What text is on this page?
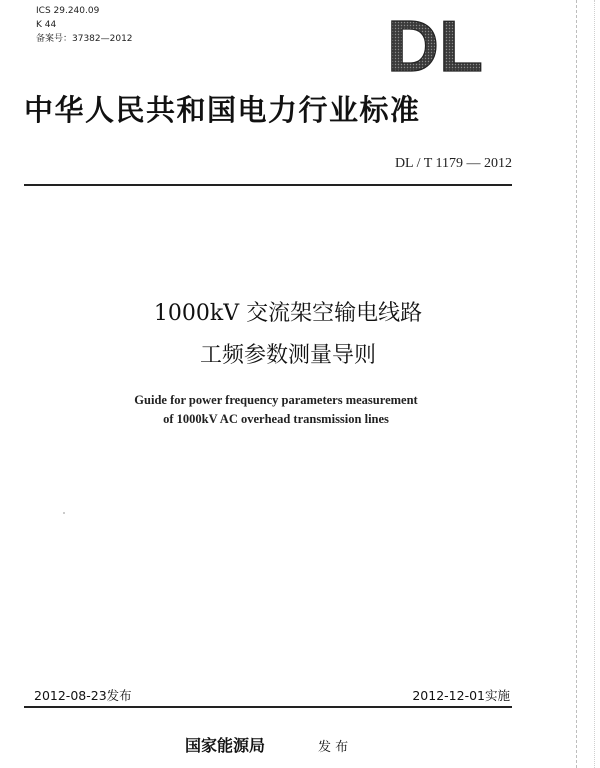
ICS 29.240.09
K 44
备案号：37382—2012	DL
中华人民共和国电力行业标准
DL / T 1179 — 2012
1000kV 交流架空输电线路
工频参数测量导则
Guide for power frequency parameters measurement
of 1000kV AC overhead transmission lines
2012-08-23发布	2012-12-01实施
国家能源局	发 布
